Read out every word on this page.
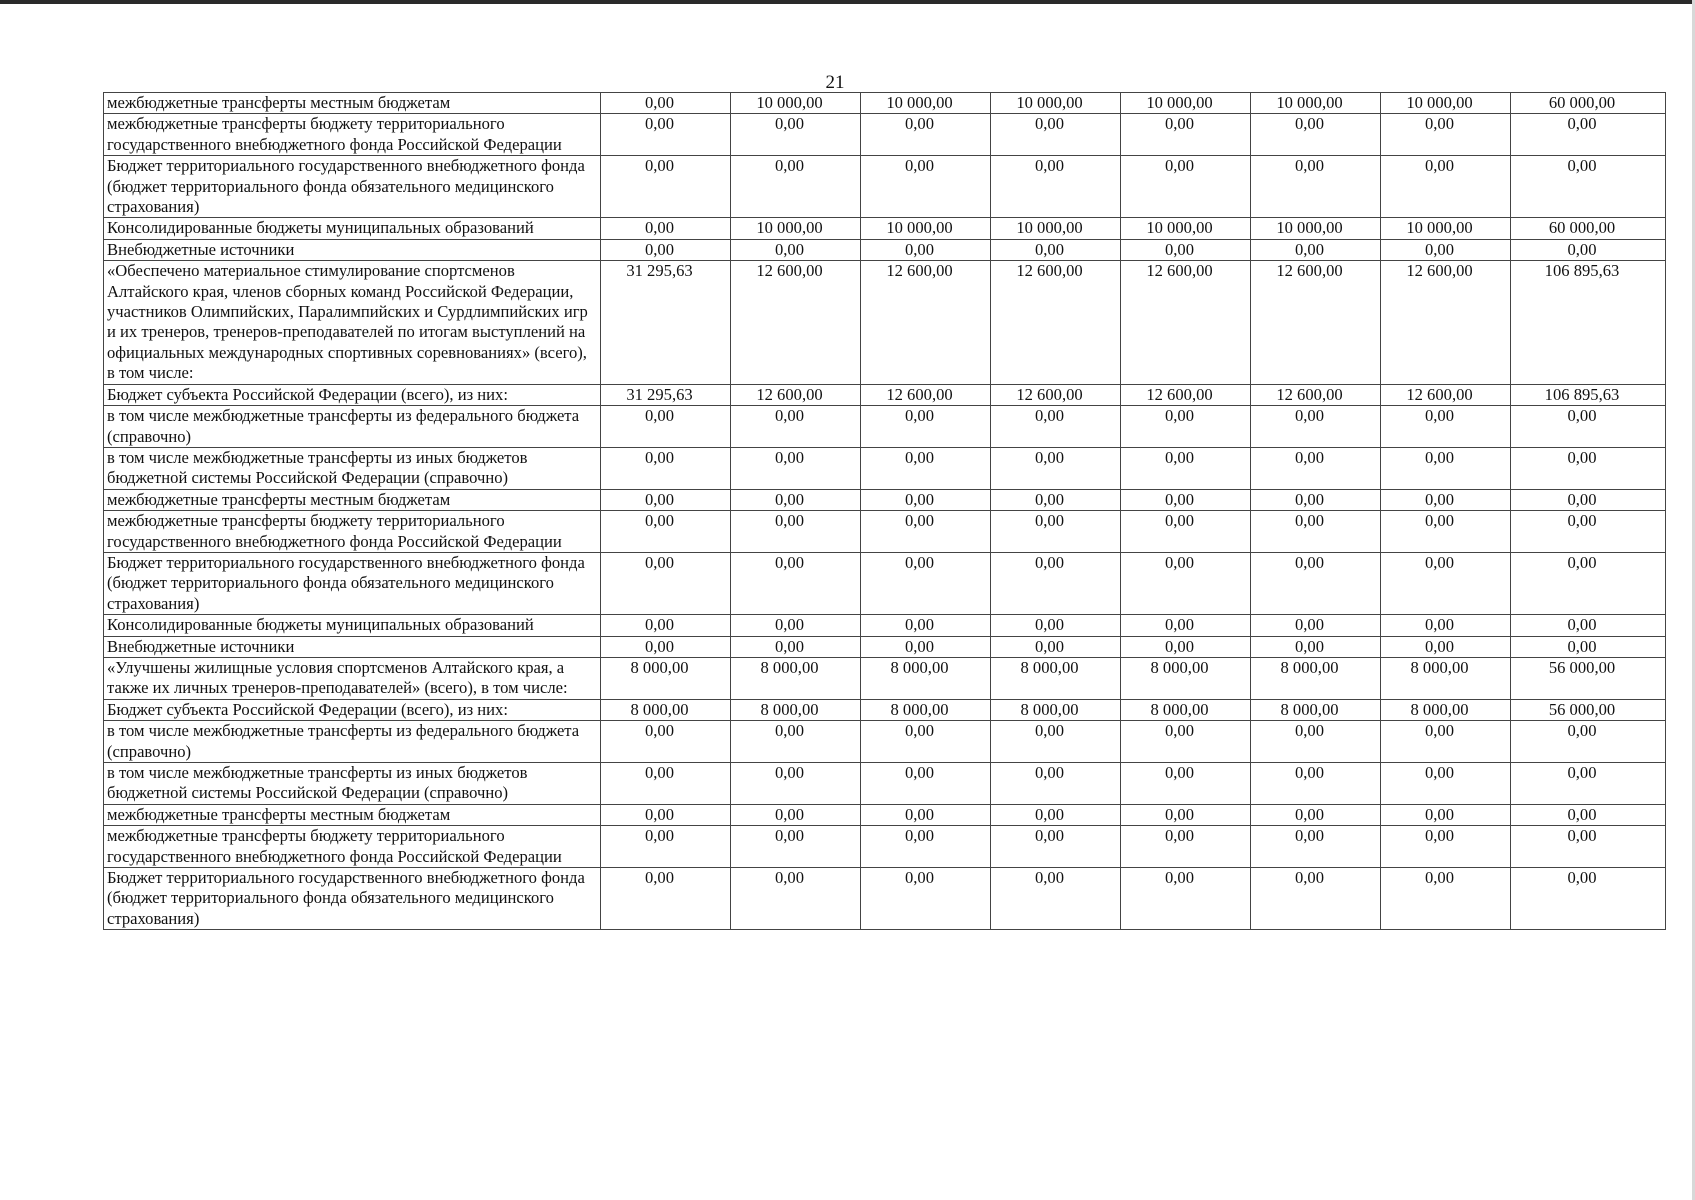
21
межбюджетные трансферты местным бюджетам	0,00	10 000,00	10 000,00	10 000,00	10 000,00	10 000,00	10 000,00	60 000,00
межбюджетные трансферты бюджету территориального государственного внебюджетного фонда Российской Федерации	0,00	0,00	0,00	0,00	0,00	0,00	0,00	0,00
Бюджет территориального государственного внебюджетного фонда (бюджет территориального фонда обязательного медицинского страхования)	0,00	0,00	0,00	0,00	0,00	0,00	0,00	0,00
Консолидированные бюджеты муниципальных образований	0,00	10 000,00	10 000,00	10 000,00	10 000,00	10 000,00	10 000,00	60 000,00
Внебюджетные источники	0,00	0,00	0,00	0,00	0,00	0,00	0,00	0,00
«Обеспечено материальное стимулирование спортсменов Алтайского края, членов сборных команд Российской Федерации, участников Олимпийских, Паралимпийских и Сурдлимпийских игр и их тренеров, тренеров-преподавателей по итогам выступлений на официальных международных спортивных соревнованиях» (всего), в том числе:	31 295,63	12 600,00	12 600,00	12 600,00	12 600,00	12 600,00	12 600,00	106 895,63
Бюджет субъекта Российской Федерации (всего), из них:	31 295,63	12 600,00	12 600,00	12 600,00	12 600,00	12 600,00	12 600,00	106 895,63
в том числе межбюджетные трансферты из федерального бюджета (справочно)	0,00	0,00	0,00	0,00	0,00	0,00	0,00	0,00
в том числе межбюджетные трансферты из иных бюджетов бюджетной системы Российской Федерации (справочно)	0,00	0,00	0,00	0,00	0,00	0,00	0,00	0,00
межбюджетные трансферты местным бюджетам	0,00	0,00	0,00	0,00	0,00	0,00	0,00	0,00
межбюджетные трансферты бюджету территориального государственного внебюджетного фонда Российской Федерации	0,00	0,00	0,00	0,00	0,00	0,00	0,00	0,00
Бюджет территориального государственного внебюджетного фонда (бюджет территориального фонда обязательного медицинского страхования)	0,00	0,00	0,00	0,00	0,00	0,00	0,00	0,00
Консолидированные бюджеты муниципальных образований	0,00	0,00	0,00	0,00	0,00	0,00	0,00	0,00
Внебюджетные источники	0,00	0,00	0,00	0,00	0,00	0,00	0,00	0,00
«Улучшены жилищные условия спортсменов Алтайского края, а также их личных тренеров-преподавателей» (всего), в том числе:	8 000,00	8 000,00	8 000,00	8 000,00	8 000,00	8 000,00	8 000,00	56 000,00
Бюджет субъекта Российской Федерации (всего), из них:	8 000,00	8 000,00	8 000,00	8 000,00	8 000,00	8 000,00	8 000,00	56 000,00
в том числе межбюджетные трансферты из федерального бюджета (справочно)	0,00	0,00	0,00	0,00	0,00	0,00	0,00	0,00
в том числе межбюджетные трансферты из иных бюджетов бюджетной системы Российской Федерации (справочно)	0,00	0,00	0,00	0,00	0,00	0,00	0,00	0,00
межбюджетные трансферты местным бюджетам	0,00	0,00	0,00	0,00	0,00	0,00	0,00	0,00
межбюджетные трансферты бюджету территориального государственного внебюджетного фонда Российской Федерации	0,00	0,00	0,00	0,00	0,00	0,00	0,00	0,00
Бюджет территориального государственного внебюджетного фонда (бюджет территориального фонда обязательного медицинского страхования)	0,00	0,00	0,00	0,00	0,00	0,00	0,00	0,00
